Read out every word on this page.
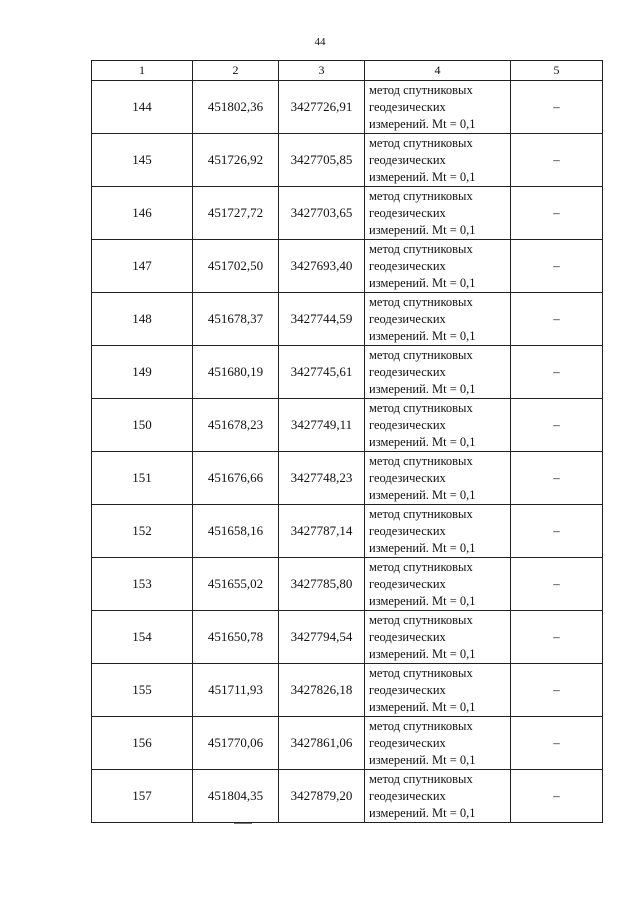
44
1	2	3	4	5
144	451802,36	3427726,91	метод спутниковых
геодезических
измерений. Mt = 0,1	–
145	451726,92	3427705,85	метод спутниковых
геодезических
измерений. Mt = 0,1	–
146	451727,72	3427703,65	метод спутниковых
геодезических
измерений. Mt = 0,1	–
147	451702,50	3427693,40	метод спутниковых
геодезических
измерений. Mt = 0,1	–
148	451678,37	3427744,59	метод спутниковых
геодезических
измерений. Mt = 0,1	–
149	451680,19	3427745,61	метод спутниковых
геодезических
измерений. Mt = 0,1	–
150	451678,23	3427749,11	метод спутниковых
геодезических
измерений. Mt = 0,1	–
151	451676,66	3427748,23	метод спутниковых
геодезических
измерений. Mt = 0,1	–
152	451658,16	3427787,14	метод спутниковых
геодезических
измерений. Mt = 0,1	–
153	451655,02	3427785,80	метод спутниковых
геодезических
измерений. Mt = 0,1	–
154	451650,78	3427794,54	метод спутниковых
геодезических
измерений. Mt = 0,1	–
155	451711,93	3427826,18	метод спутниковых
геодезических
измерений. Mt = 0,1	–
156	451770,06	3427861,06	метод спутниковых
геодезических
измерений. Mt = 0,1	–
157	451804,35	3427879,20	метод спутниковых
геодезических
измерений. Mt = 0,1	–
